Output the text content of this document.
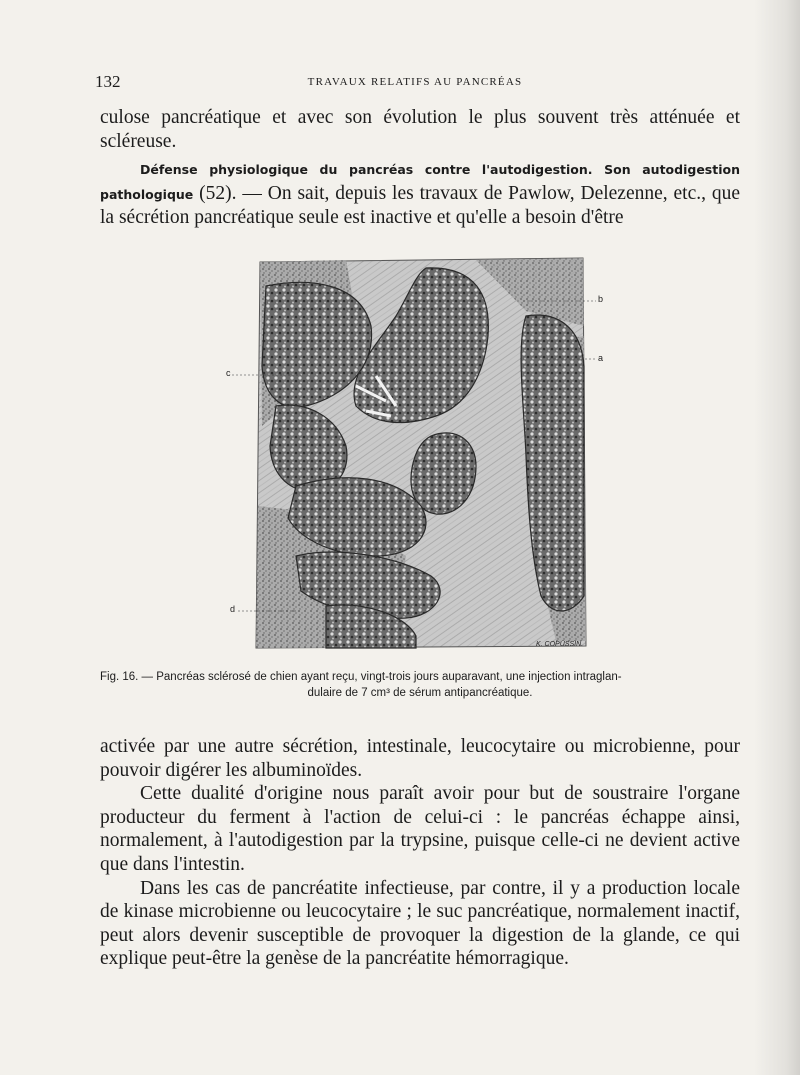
132	TRAVAUX RELATIFS AU PANCRÉAS

culose pancréatique et avec son évolution le plus souvent très atténuée et scléreuse.

Défense physiologique du pancréas contre l'autodigestion. Son autodigestion pathologique (52). — On sait, depuis les travaux de Pawlow, Delezenne, etc., que la sécrétion pancréatique seule est inactive et qu'elle a besoin d'être

b
a
c
d
K. COPUSSIN.
Fig. 16. — Pancréas sclérosé de chien ayant reçu, vingt-trois jours auparavant, une injection intraglan-
dulaire de 7 cm³ de sérum antipancréatique.

activée par une autre sécrétion, intestinale, leucocytaire ou microbienne, pour pouvoir digérer les albuminoïdes.

Cette dualité d'origine nous paraît avoir pour but de soustraire l'organe producteur du ferment à l'action de celui-ci : le pancréas échappe ainsi, normalement, à l'autodigestion par la trypsine, puisque celle-ci ne devient active que dans l'intestin.

Dans les cas de pancréatite infectieuse, par contre, il y a production locale de kinase microbienne ou leucocytaire ; le suc pancréatique, normalement inactif, peut alors devenir susceptible de provoquer la digestion de la glande, ce qui explique peut-être la genèse de la pancréatite hémorragique.
